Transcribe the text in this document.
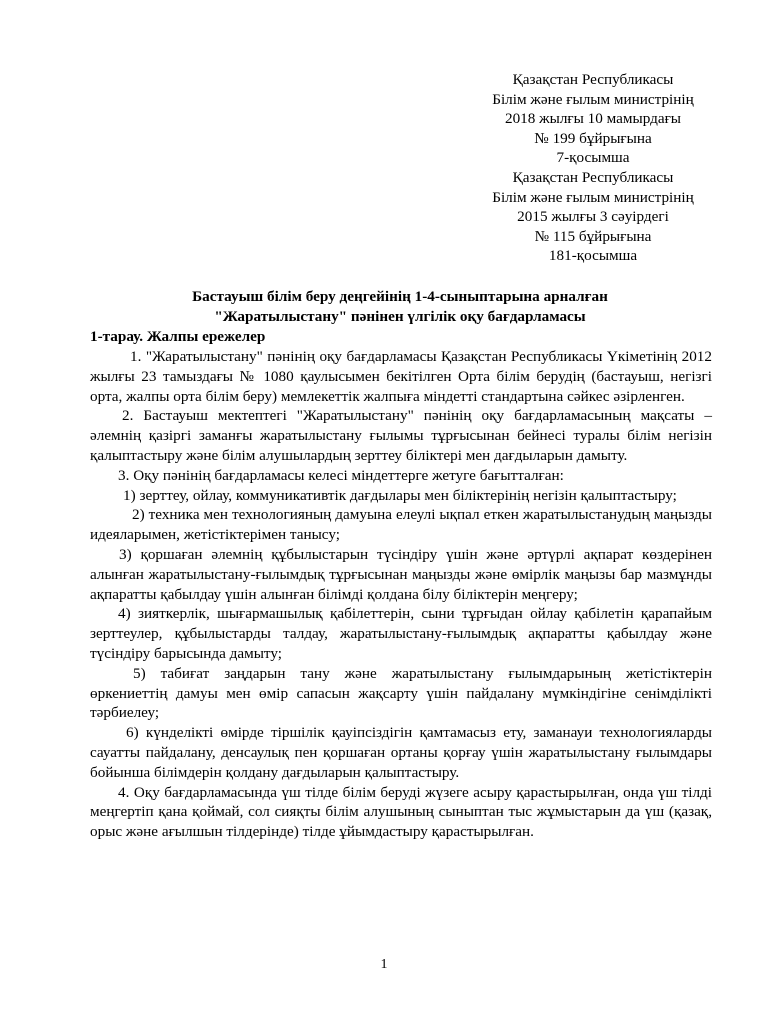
Қазақстан Республикасы
Білім және ғылым министрінің
2018 жылғы 10 мамырдағы
№ 199 бұйрығына
7-қосымша
Қазақстан Республикасы
Білім және ғылым министрінің
2015 жылғы 3 сәуірдегі
№ 115 бұйрығына
181-қосымша
Бастауыш білім беру деңгейінің 1-4-сыныптарына арналған
"Жаратылыстану" пәнінен үлгілік оқу бағдарламасы
1-тарау. Жалпы ережелер

1. "Жаратылыстану" пәнінің оқу бағдарламасы Қазақстан Республикасы Үкіметінің 2012 жылғы 23 тамыздағы № 1080 қаулысымен бекітілген Орта білім берудің (бастауыш, негізгі орта, жалпы орта білім беру) мемлекеттік жалпыға міндетті стандартына сәйкес әзірленген.

2. Бастауыш мектептегі "Жаратылыстану" пәнінің оқу бағдарламасының мақсаты – әлемнің қазіргі заманғы жаратылыстану ғылымы тұрғысынан бейнесі туралы білім негізін қалыптастыру және білім алушылардың зерттеу біліктері мен дағдыларын дамыту.

3. Оқу пәнінің бағдарламасы келесі міндеттерге жетуге бағытталған:

1) зерттеу, ойлау, коммуникативтік дағдылары мен біліктерінің негізін қалыптастыру;

2) техника мен технологияның дамуына елеулі ықпал еткен жаратылыстанудың маңызды идеяларымен, жетістіктерімен танысу;

3) қоршаған әлемнің құбылыстарын түсіндіру үшін және әртүрлі ақпарат көздерінен алынған жаратылыстану-ғылымдық тұрғысынан маңызды және өмірлік маңызы бар мазмұнды ақпаратты қабылдау үшін алынған білімді қолдана білу біліктерін меңгеру;

4) зияткерлік, шығармашылық қабілеттерін, сыни тұрғыдан ойлау қабілетін қарапайым зерттеулер, құбылыстарды талдау, жаратылыстану-ғылымдық ақпаратты қабылдау және түсіндіру барысында дамыту;

5) табиғат заңдарын тану және жаратылыстану ғылымдарының жетістіктерін өркениеттің дамуы мен өмір сапасын жақсарту үшін пайдалану мүмкіндігіне сенімділікті тәрбиелеу;

6) күнделікті өмірде тіршілік қауіпсіздігін қамтамасыз ету, заманауи технологияларды сауатты пайдалану, денсаулық пен қоршаған ортаны қорғау үшін жаратылыстану ғылымдары бойынша білімдерін қолдану дағдыларын қалыптастыру.

4. Оқу бағдарламасында үш тілде білім беруді жүзеге асыру қарастырылған, онда үш тілді меңгертіп қана қоймай, сол сияқты білім алушының сыныптан тыс жұмыстарын да үш (қазақ, орыс және ағылшын тілдерінде) тілде ұйымдастыру қарастырылған.

1
